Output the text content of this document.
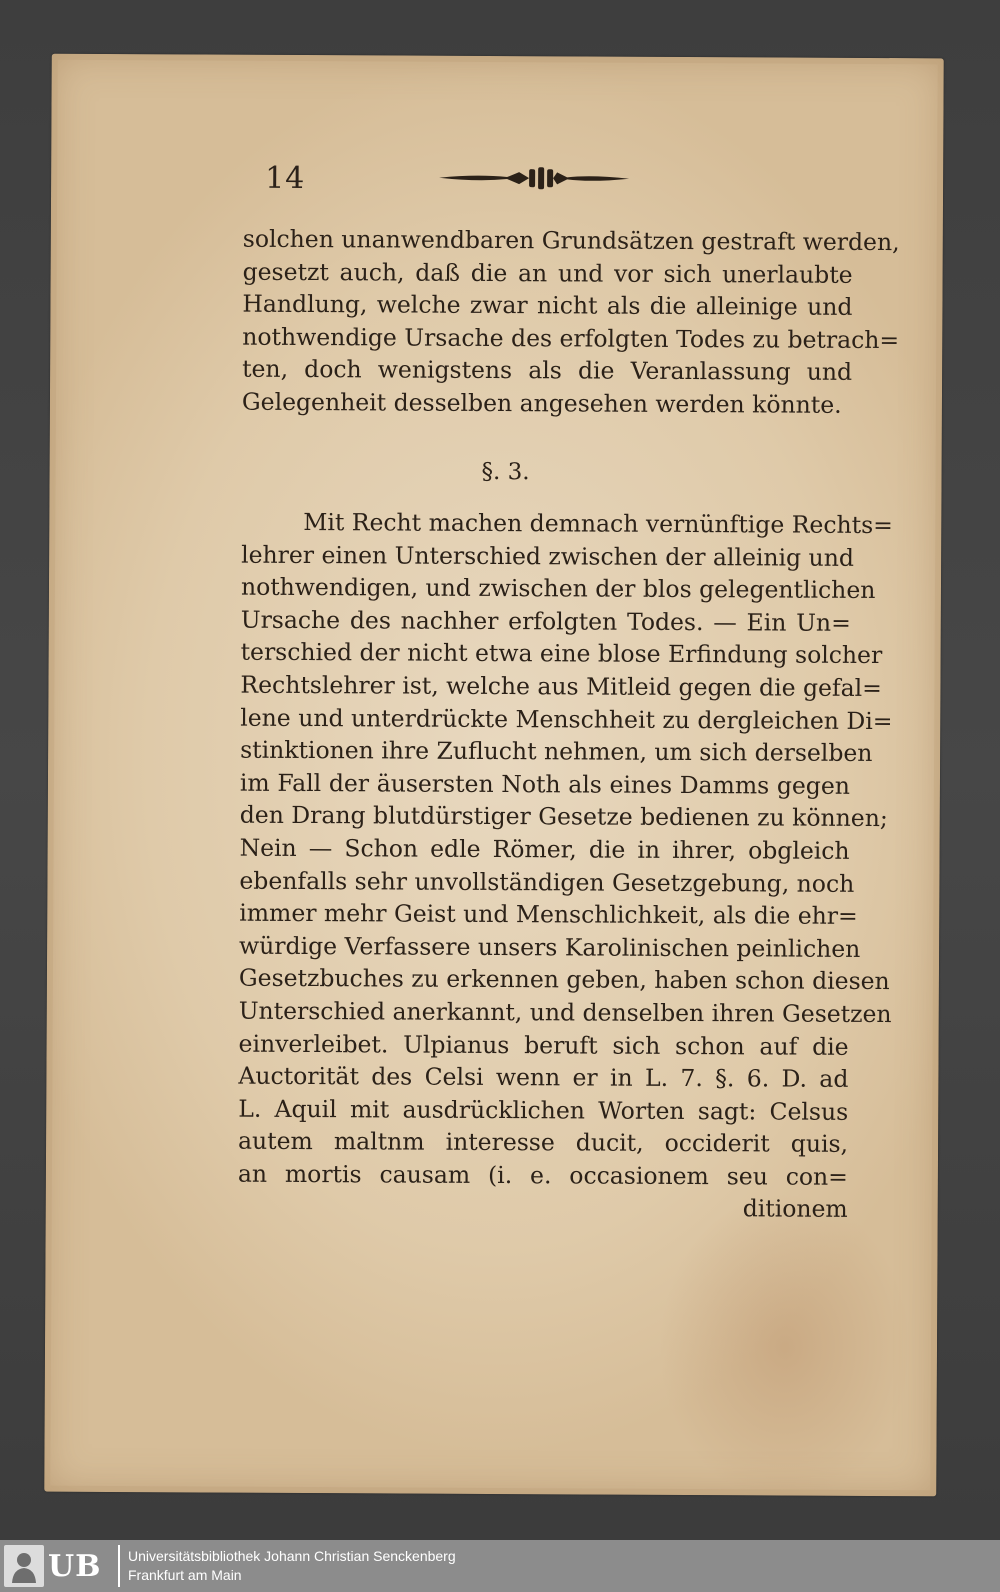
14
solchen unanwendbaren Grundsätzen gestraft werden,
gesetzt auch, daß die an und vor sich unerlaubte
Handlung, welche zwar nicht als die alleinige und
nothwendige Ursache des erfolgten Todes zu betrach=
ten, doch wenigstens als die Veranlassung und
Gelegenheit desselben angesehen werden könnte.
§. 3.
Mit Recht machen demnach vernünftige Rechts=
lehrer einen Unterschied zwischen der alleinig und
nothwendigen, und zwischen der blos gelegentlichen
Ursache des nachher erfolgten Todes. — Ein Un=
terschied der nicht etwa eine blose Erfindung solcher
Rechtslehrer ist, welche aus Mitleid gegen die gefal=
lene und unterdrückte Menschheit zu dergleichen Di=
stinktionen ihre Zuflucht nehmen, um sich derselben
im Fall der äusersten Noth als eines Damms gegen
den Drang blutdürstiger Gesetze bedienen zu können;
Nein — Schon edle Römer, die in ihrer, obgleich
ebenfalls sehr unvollständigen Gesetzgebung, noch
immer mehr Geist und Menschlichkeit, als die ehr=
würdige Verfassere unsers Karolinischen peinlichen
Gesetzbuches zu erkennen geben, haben schon diesen
Unterschied anerkannt, und denselben ihren Gesetzen
einverleibet. Ulpianus beruft sich schon auf die
Auctorität des Celsi wenn er in L. 7. §. 6. D. ad
L. Aquil mit ausdrücklichen Worten sagt: Celsus
autem maltnm interesse ducit, occiderit quis,
an mortis causam (i. e. occasionem seu con=
ditionem
UB Universitätsbibliothek Johann Christian Senckenberg
Frankfurt am Main
